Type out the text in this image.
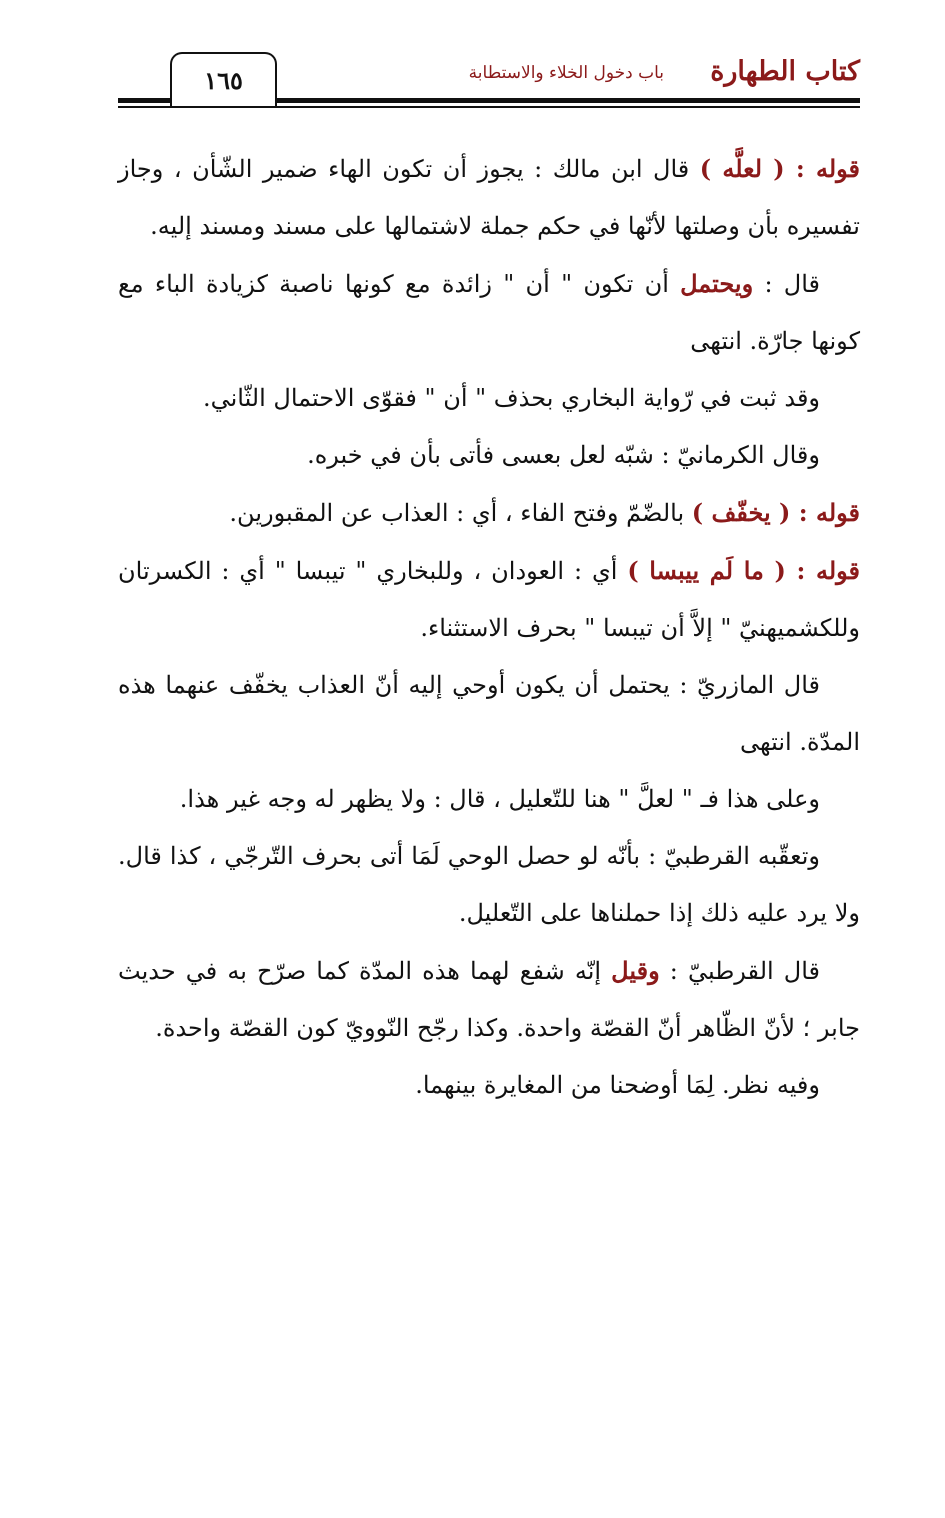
كتاب الطهارة
باب دخول الخلاء والاستطابة
١٦٥

قوله : ( لعلَّه ) قال ابن مالك : يجوز أن تكون الهاء ضمير الشّأن ، وجاز تفسيره بأن وصلتها لأنّها في حكم جملة لاشتمالها على مسند ومسند إليه.

قال : ويحتمل أن تكون " أن " زائدة مع كونها ناصبة كزيادة الباء مع كونها جارّة. انتهى

وقد ثبت في رّواية البخاري بحذف " أن " فقوّى الاحتمال الثّاني.

وقال الكرمانيّ : شبّه لعل بعسى فأتى بأن في خبره.

قوله : ( يخفّف ) بالضّمّ وفتح الفاء ، أي : العذاب عن المقبورين.

قوله : ( ما لَم ييبسا ) أي : العودان ، وللبخاري " تيبسا " أي : الكسرتان وللكشميهنيّ " إلاَّ أن تيبسا " بحرف الاستثناء.

قال المازريّ : يحتمل أن يكون أوحي إليه أنّ العذاب يخفّف عنهما هذه المدّة. انتهى

وعلى هذا فـ " لعلَّ " هنا للتّعليل ، قال : ولا يظهر له وجه غير هذا.

وتعقّبه القرطبيّ : بأنّه لو حصل الوحي لَمَا أتى بحرف التّرجّي ، كذا قال. ولا يرد عليه ذلك إذا حملناها على التّعليل.

قال القرطبيّ : وقيل إنّه شفع لهما هذه المدّة كما صرّح به في حديث جابر ؛ لأنّ الظّاهر أنّ القصّة واحدة. وكذا رجّح النّوويّ كون القصّة واحدة.

وفيه نظر. لِمَا أوضحنا من المغايرة بينهما.
